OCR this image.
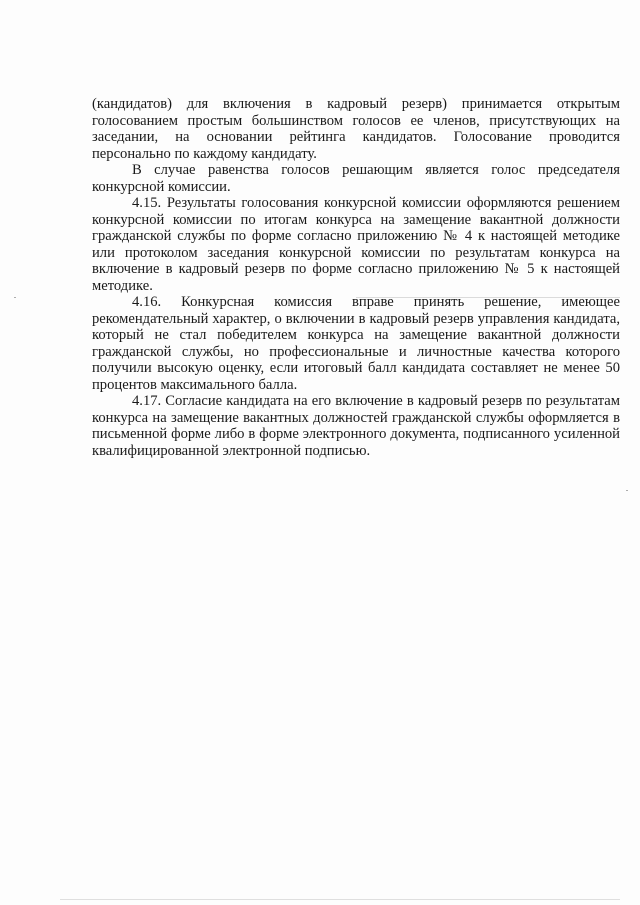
(кандидатов) для включения в кадровый резерв) принимается открытым голосованием простым большинством голосов ее членов, присутствующих на заседании, на основании рейтинга кандидатов. Голосование проводится персонально по каждому кандидату.

В случае равенства голосов решающим является голос председателя конкурсной комиссии.

4.15. Результаты голосования конкурсной комиссии оформляются решением конкурсной комиссии по итогам конкурса на замещение вакантной должности гражданской службы по форме согласно приложению № 4 к настоящей методике или протоколом заседания конкурсной комиссии по результатам конкурса на включение в кадровый резерв по форме согласно приложению № 5 к настоящей методике.

4.16. Конкурсная комиссия вправе принять решение, имеющее рекомендательный характер, о включении в кадровый резерв управления кандидата, который не стал победителем конкурса на замещение вакантной должности гражданской службы, но профессиональные и личностные качества которого получили высокую оценку, если итоговый балл кандидата составляет не менее 50 процентов максимального балла.

4.17. Согласие кандидата на его включение в кадровый резерв по результатам конкурса на замещение вакантных должностей гражданской службы оформляется в письменной форме либо в форме электронного документа, подписанного усиленной квалифицированной электронной подписью.
